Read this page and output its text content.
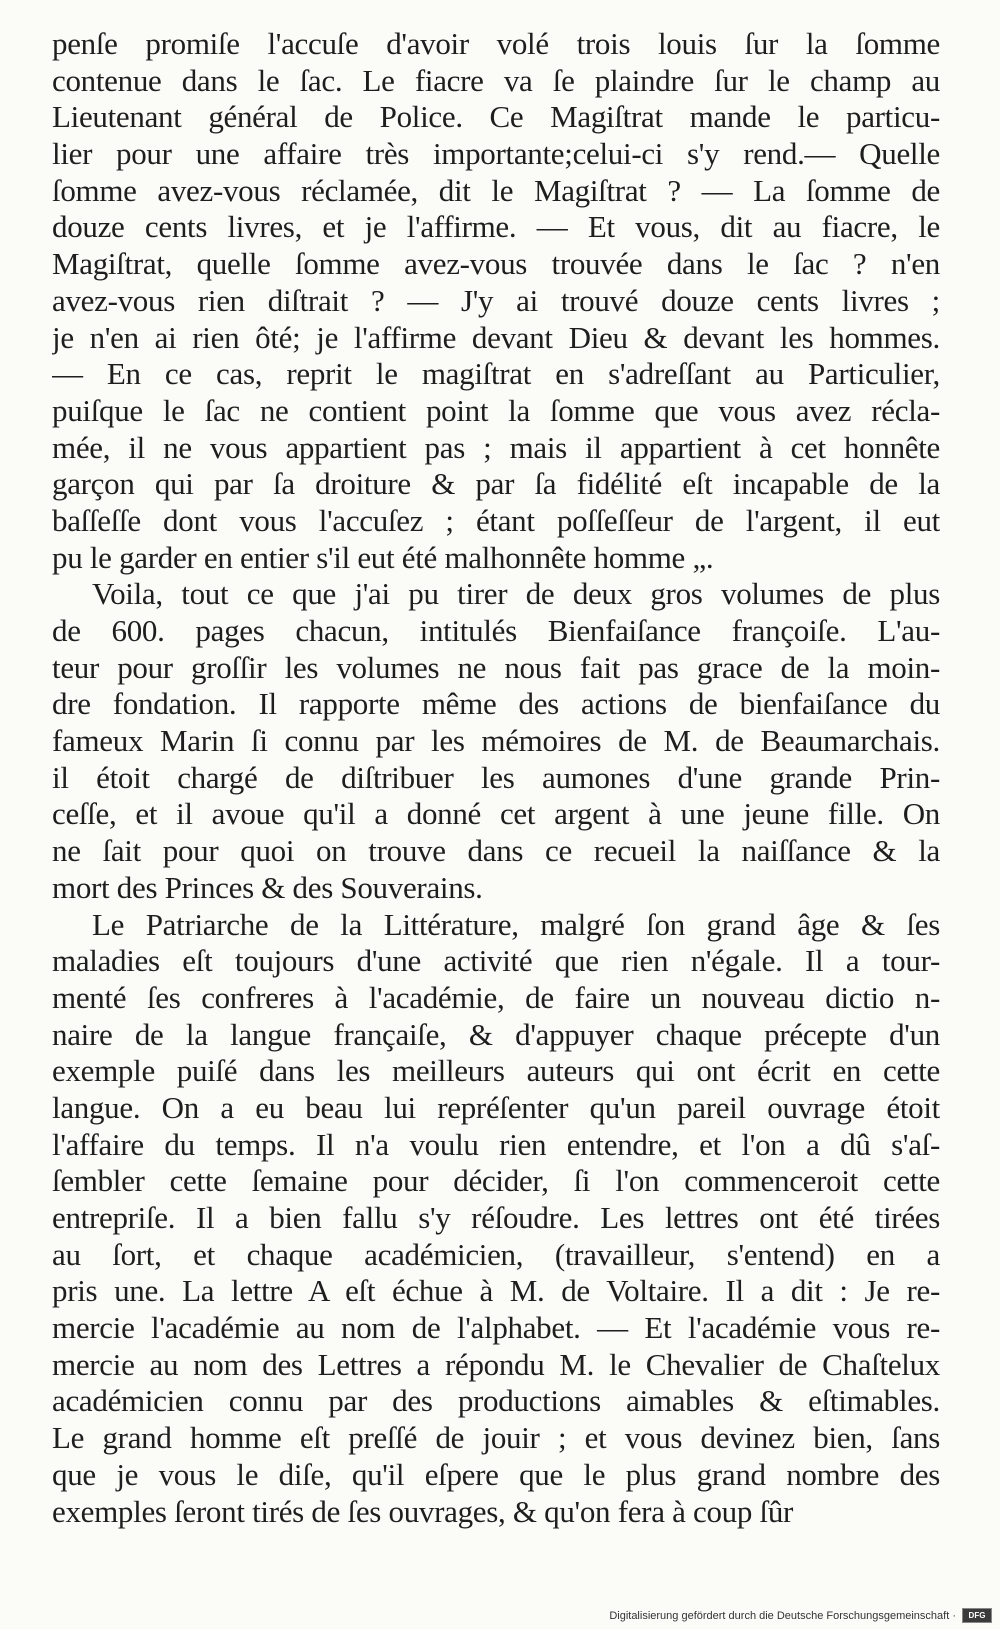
penſe promiſe l'accuſe d'avoir volé trois louis ſur la ſomme
contenue dans le ſac. Le fiacre va ſe plaindre ſur le champ au
Lieutenant général de Police. Ce Magiſtrat mande le particu-
lier pour une affaire très importante;celui-ci s'y rend.— Quelle
ſomme avez-vous réclamée, dit le Magiſtrat ? — La ſomme de
douze cents livres, et je l'affirme. — Et vous, dit au fiacre, le
Magiſtrat, quelle ſomme avez-vous trouvée dans le ſac ? n'en
avez-vous rien diſtrait ? — J'y ai trouvé douze cents livres ;
je n'en ai rien ôté; je l'affirme devant Dieu & devant les hommes.
— En ce cas, reprit le magiſtrat en s'adreſſant au Particulier,
puiſque le ſac ne contient point la ſomme que vous avez récla-
mée, il ne vous appartient pas ; mais il appartient à cet honnête
garçon qui par ſa droiture & par ſa fidélité eſt incapable de la
baſſeſſe dont vous l'accuſez ; étant poſſeſſeur de l'argent, il eut
pu le garder en entier s'il eut été malhonnête homme „.
Voila, tout ce que j'ai pu tirer de deux gros volumes de plus
de 600. pages chacun, intitulés Bienfaiſance françoiſe. L'au-
teur pour groſſir les volumes ne nous fait pas grace de la moin-
dre fondation. Il rapporte même des actions de bienfaiſance du
fameux Marin ſi connu par les mémoires de M. de Beaumarchais.
il étoit chargé de diſtribuer les aumones d'une grande Prin-
ceſſe, et il avoue qu'il a donné cet argent à une jeune fille. On
ne ſait pour quoi on trouve dans ce recueil la naiſſance & la
mort des Princes & des Souverains.
Le Patriarche de la Littérature, malgré ſon grand âge & ſes
maladies eſt toujours d'une activité que rien n'égale. Il a tour-
menté ſes confreres à l'académie, de faire un nouveau dictio n-
naire de la langue françaiſe, & d'appuyer chaque précepte d'un
exemple puiſé dans les meilleurs auteurs qui ont écrit en cette
langue. On a eu beau lui repréſenter qu'un pareil ouvrage étoit
l'affaire du temps. Il n'a voulu rien entendre, et l'on a dû s'aſ-
ſembler cette ſemaine pour décider, ſi l'on commenceroit cette
entrepriſe. Il a bien fallu s'y réſoudre. Les lettres ont été tirées
au ſort, et chaque académicien, (travailleur, s'entend) en a
pris une. La lettre A eſt échue à M. de Voltaire. Il a dit : Je re-
mercie l'académie au nom de l'alphabet. — Et l'académie vous re-
mercie au nom des Lettres a répondu M. le Chevalier de Chaſtelux
académicien connu par des productions aimables & eſtimables.
Le grand homme eſt preſſé de jouir ; et vous devinez bien, ſans
que je vous le diſe, qu'il eſpere que le plus grand nombre des
exemples ſeront tirés de ſes ouvrages, & qu'on fera à coup ſûr
Digitalisierung gefördert durch die Deutsche Forschungsgemeinschaft ·	DFG
